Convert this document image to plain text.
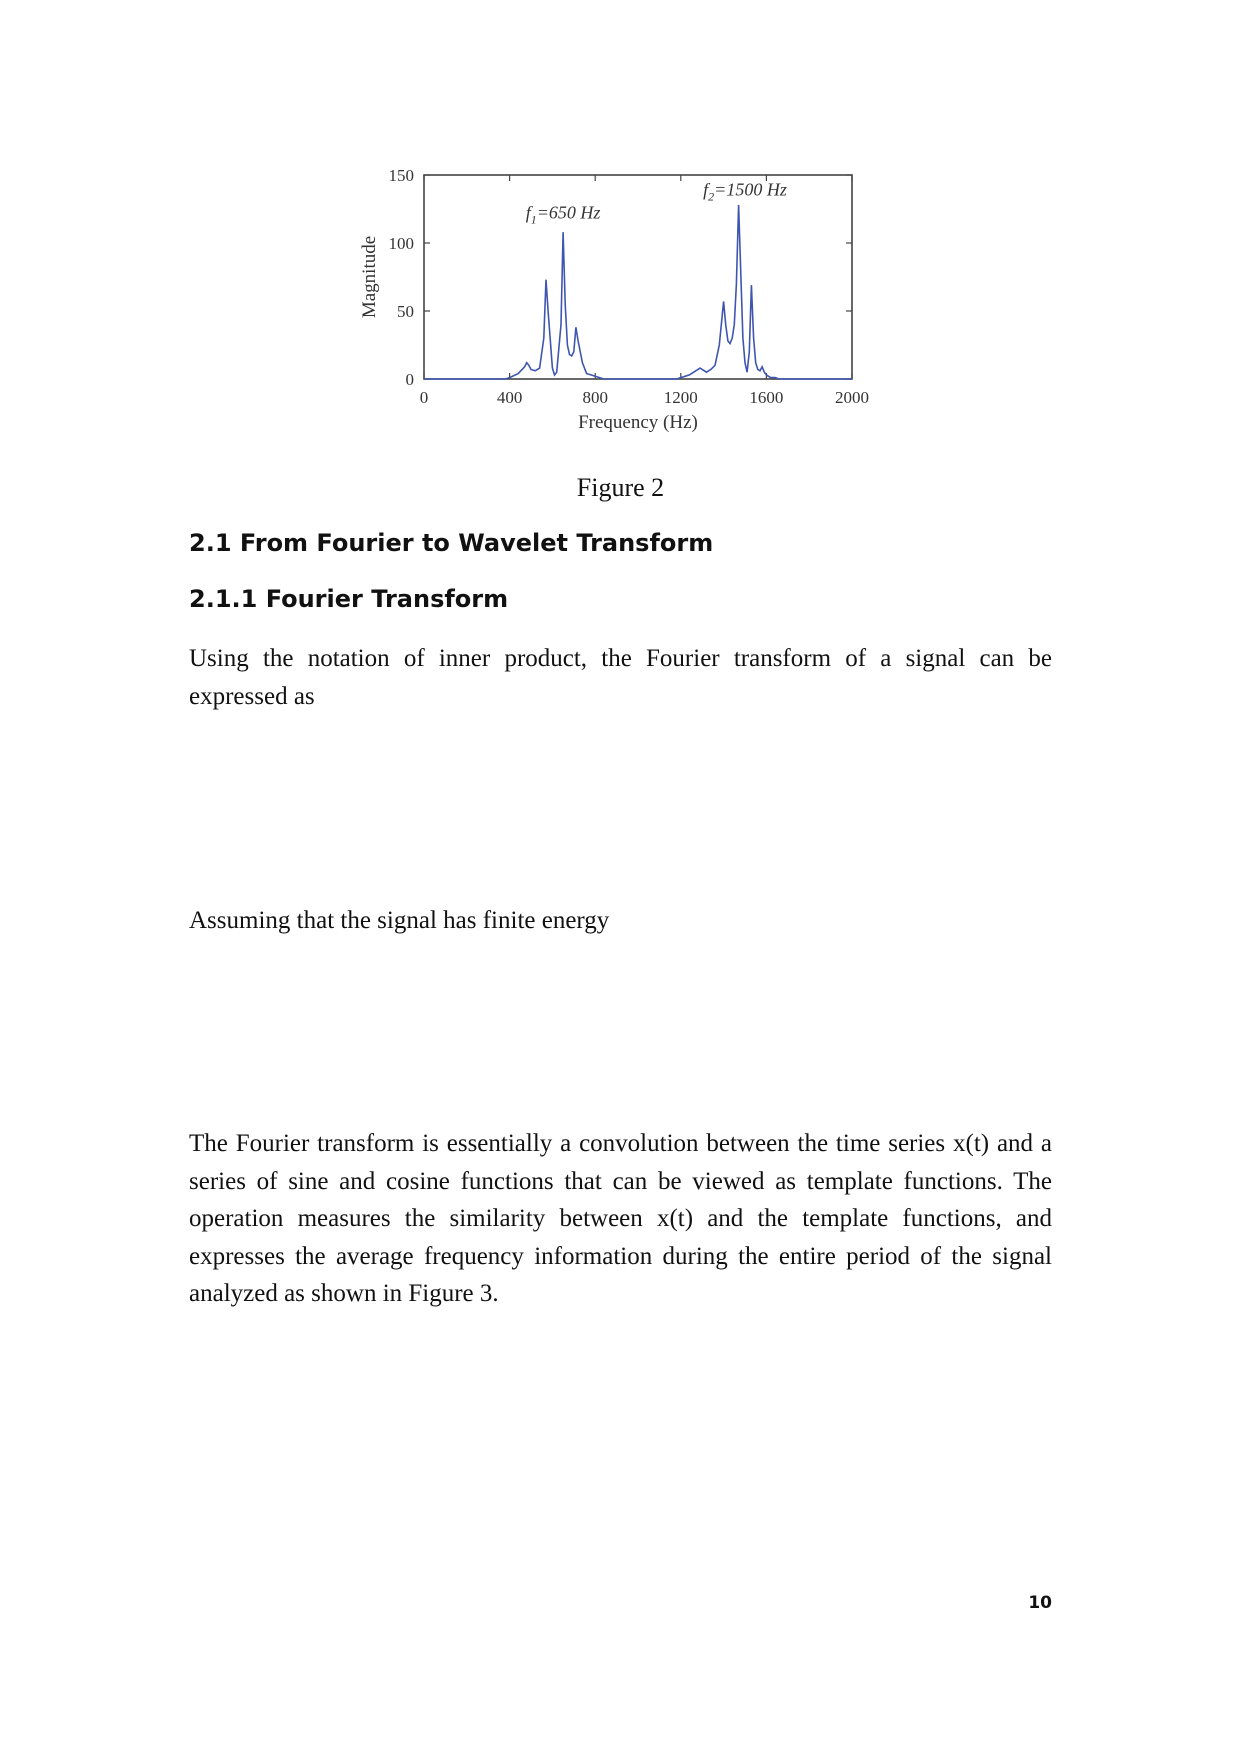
0
50
100
150
0	400	800	1200	1600	2000
$f_1=650$ Hz
$f_2=1500$ Hz
Frequency (Hz)
Magnitude
Figure 2
2.1 From Fourier to Wavelet Transform
2.1.1 Fourier Transform

Using the notation of inner product, the Fourier transform of a signal can be expressed as

Assuming that the signal has finite energy

The Fourier transform is essentially a convolution between the time series x(t) and a series of sine and cosine functions that can be viewed as template functions. The operation measures the similarity between x(t) and the template functions, and expresses the average frequency information during the entire period of the signal analyzed as shown in Figure 3.

10
